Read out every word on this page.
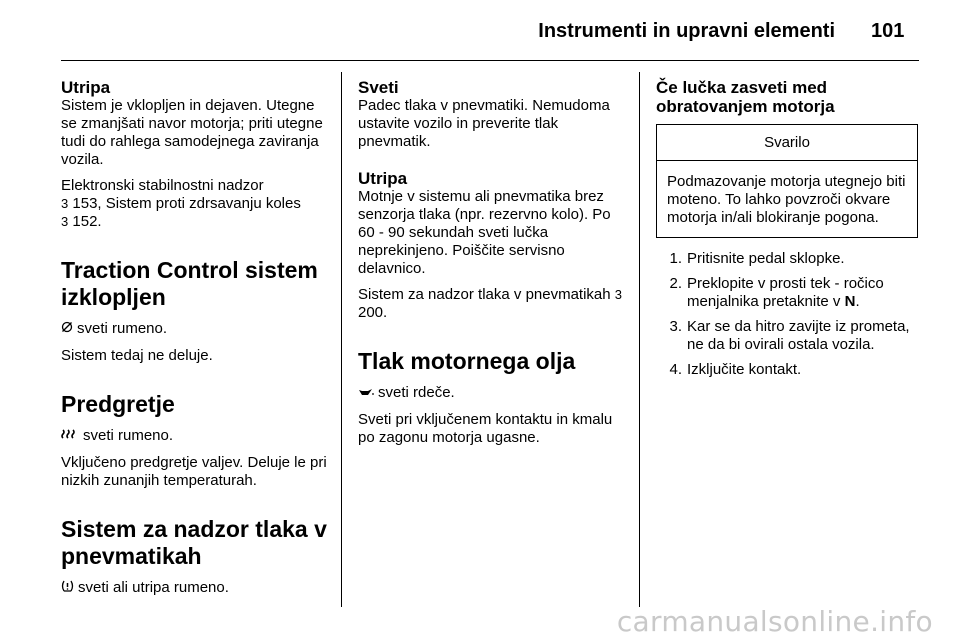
Instrumenti in upravni elementi 101
Utripa
Sistem je vklopljen in dejaven. Utegne se zmanjšati navor motorja; priti utegne tudi do rahlega samodejnega zaviranja vozila.
Elektronski stabilnostni nadzor
3 153, Sistem proti zdrsavanju koles
3 152.
Traction Control sistem izklopljen
sveti rumeno.
Sistem tedaj ne deluje.
Predgretje
sveti rumeno.
Vključeno predgretje valjev. Deluje le pri nizkih zunanjih temperaturah.
Sistem za nadzor tlaka v pnevmatikah
sveti ali utripa rumeno.
Sveti
Padec tlaka v pnevmatiki. Nemudoma ustavite vozilo in preverite tlak pnevmatik.
Utripa
Motnje v sistemu ali pnevmatika brez senzorja tlaka (npr. rezervno kolo). Po 60 - 90 sekundah sveti lučka neprekinjeno. Poiščite servisno delavnico.
Sistem za nadzor tlaka v pnevmatikah 3 200.
Tlak motornega olja
sveti rdeče.
Sveti pri vključenem kontaktu in kmalu po zagonu motorja ugasne.
Če lučka zasveti med obratovanjem motorja
Svarilo
Podmazovanje motorja utegnejo biti moteno. To lahko povzroči okvare motorja in/ali blokiranje pogona.
1. Pritisnite pedal sklopke.
2. Preklopite v prosti tek - ročico menjalnika pretaknite v N.
3. Kar se da hitro zavijte iz prometa, ne da bi ovirali ostala vozila.
4. Izključite kontakt.
carmanualsonline.info
